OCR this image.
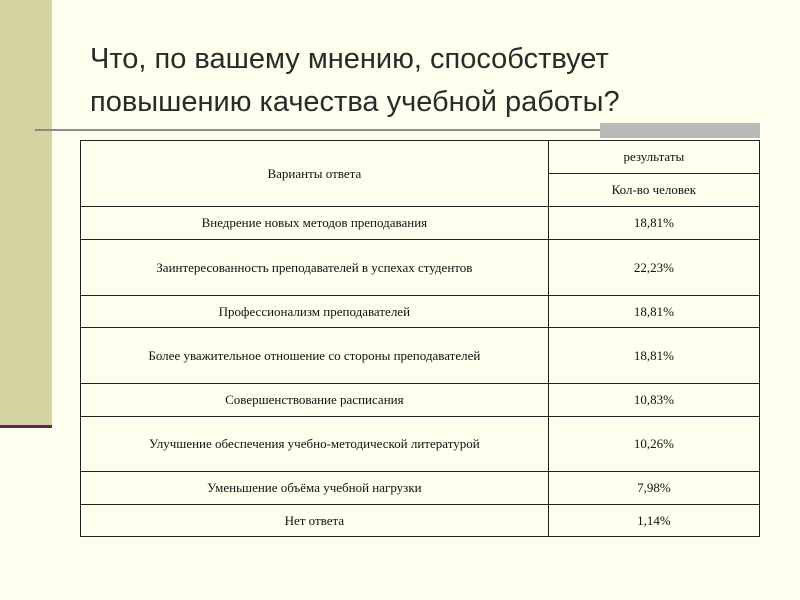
Что, по вашему мнению, способствует повышению качества учебной работы?
Варианты ответа	результаты
	Кол-во человек
Внедрение новых методов преподавания	18,81%
Заинтересованность преподавателей в успехах студентов	22,23%
Профессионализм преподавателей	18,81%
Более уважительное отношение со стороны преподавателей	18,81%
Совершенствование расписания	10,83%
Улучшение обеспечения учебно-методической литературой	10,26%
Уменьшение объёма учебной нагрузки	7,98%
Нет ответа	1,14%
